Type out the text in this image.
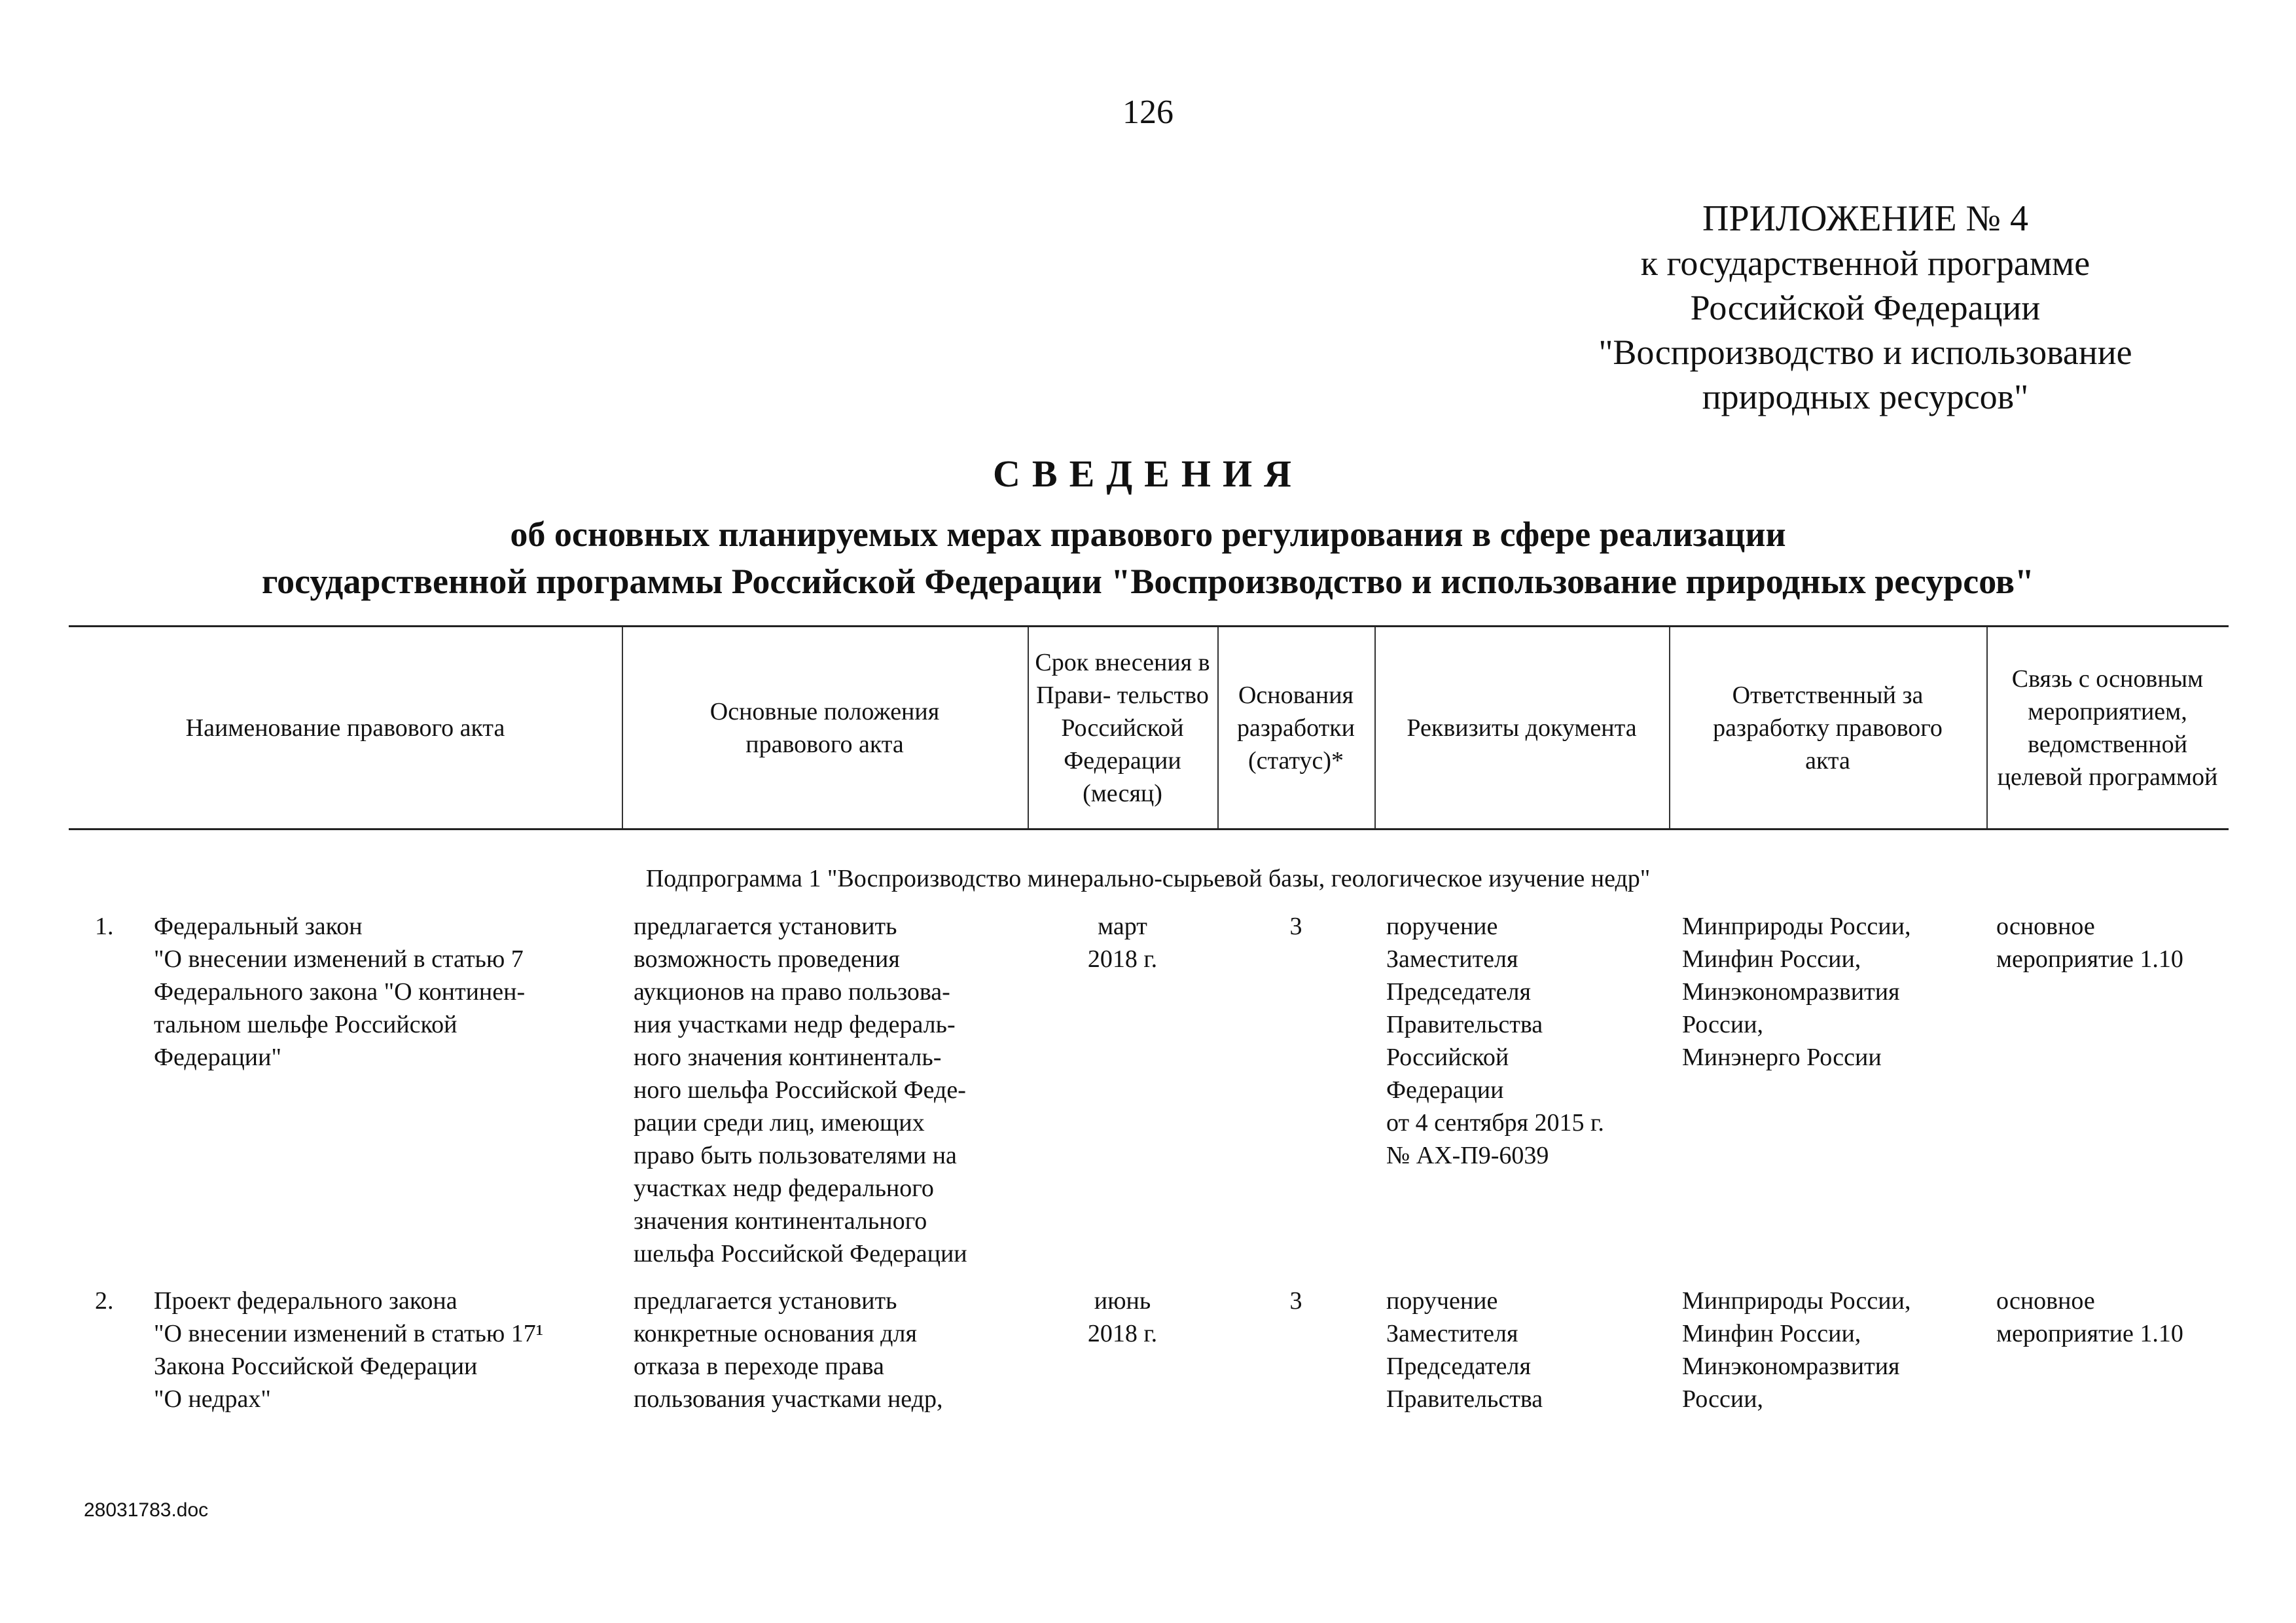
126
ПРИЛОЖЕНИЕ № 4
к государственной программе
Российской Федерации
"Воспроизводство и использование
природных ресурсов"
СВЕДЕНИЯ
об основных планируемых мерах правового регулирования в сфере реализации
государственной программы Российской Федерации "Воспроизводство и использование природных ресурсов"
Наименование правового акта
Основные положения правового акта
Срок внесения в Прави- тельство Российской Федерации (месяц)
Основания разработки (статус)*
Реквизиты документа
Ответственный за разработку правового акта
Связь с основным мероприятием, ведомственной целевой программой
Подпрограмма 1 "Воспроизводство минерально-сырьевой базы, геологическое изучение недр"
1. Федеральный закон
"О внесении изменений в статью 7
Федерального закона "О континен-
тальном шельфе Российской
Федерации"
предлагается установить
возможность проведения
аукционов на право пользова-
ния участками недр федераль-
ного значения континенталь-
ного шельфа Российской Феде-
рации среди лиц, имеющих
право быть пользователями на
участках недр федерального
значения континентального
шельфа Российской Федерации
март
2018 г.
3	поручение
Заместителя
Председателя
Правительства
Российской
Федерации
от 4 сентября 2015 г.
№ АХ-П9-6039
Минприроды России,
Минфин России,
Минэкономразвития
России,
Минэнерго России
основное
мероприятие 1.10
2. Проект федерального закона
"О внесении изменений в статью 17¹
Закона Российской Федерации
"О недрах"
предлагается установить
конкретные основания для
отказа в переходе права
пользования участками недр,
июнь
2018 г.
3	поручение
Заместителя
Председателя
Правительства
Минприроды России,
Минфин России,
Минэкономразвития
России,
основное
мероприятие 1.10
28031783.doc
